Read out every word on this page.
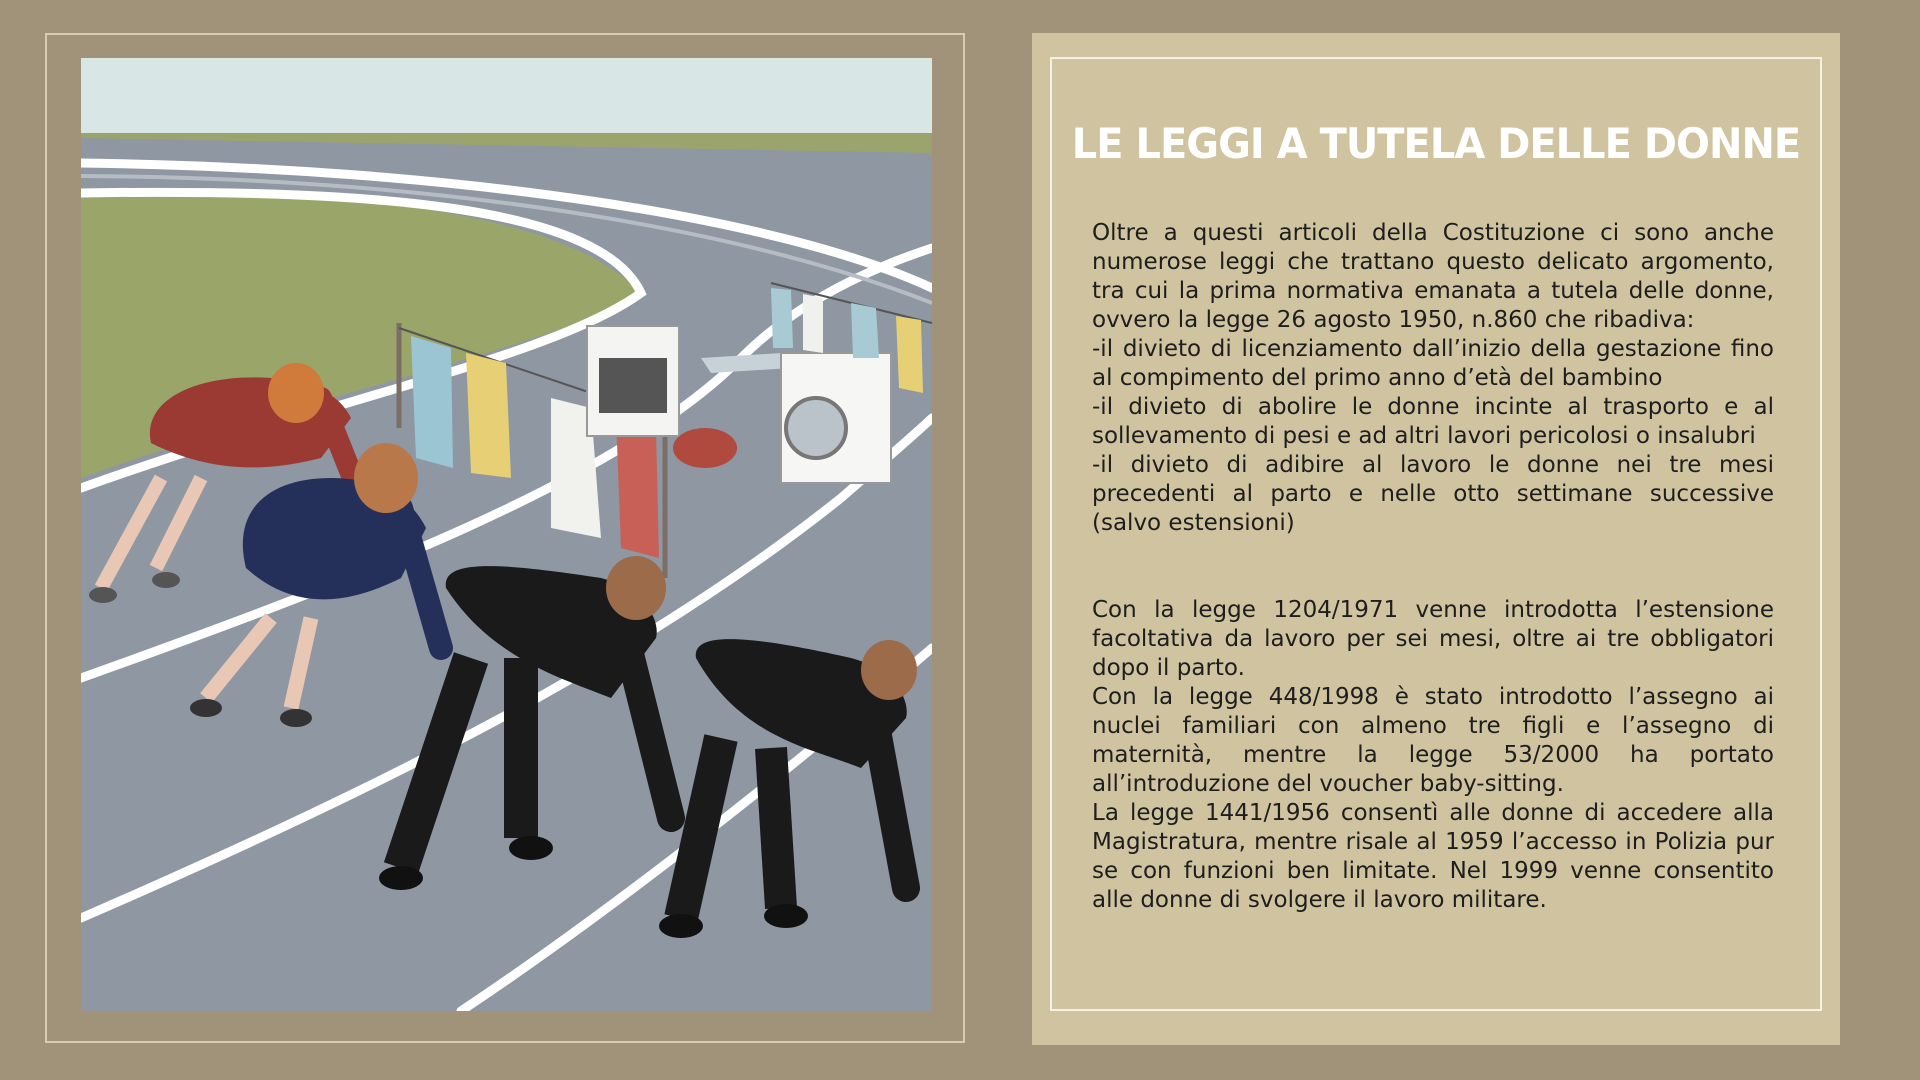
LE LEGGI A TUTELA DELLE DONNE

Oltre a questi articoli della Costituzione ci sono anche numerose leggi che trattano questo delicato argomento, tra cui la prima normativa emanata a tutela delle donne, ovvero la legge 26 agosto 1950, n.860 che ribadiva:

-il divieto di licenziamento dall’inizio della gestazione fino al compimento del primo anno d’età del bambino

-il divieto di abolire le donne incinte al trasporto e al sollevamento di pesi e ad altri lavori pericolosi o insalubri

-il divieto di adibire al lavoro le donne nei tre mesi precedenti al parto e nelle otto settimane successive (salvo estensioni)

Con la legge 1204/1971 venne introdotta l’estensione facoltativa da lavoro per sei mesi, oltre ai tre obbligatori dopo il parto.

Con la legge 448/1998 è stato introdotto l’assegno ai nuclei familiari con almeno tre figli e l’assegno di maternità, mentre la legge 53/2000 ha portato all’introduzione del voucher baby-sitting.

La legge 1441/1956 consentì alle donne di accedere alla Magistratura, mentre risale al 1959 l’accesso in Polizia pur se con funzioni ben limitate. Nel 1999 venne consentito alle donne di svolgere il lavoro militare.
